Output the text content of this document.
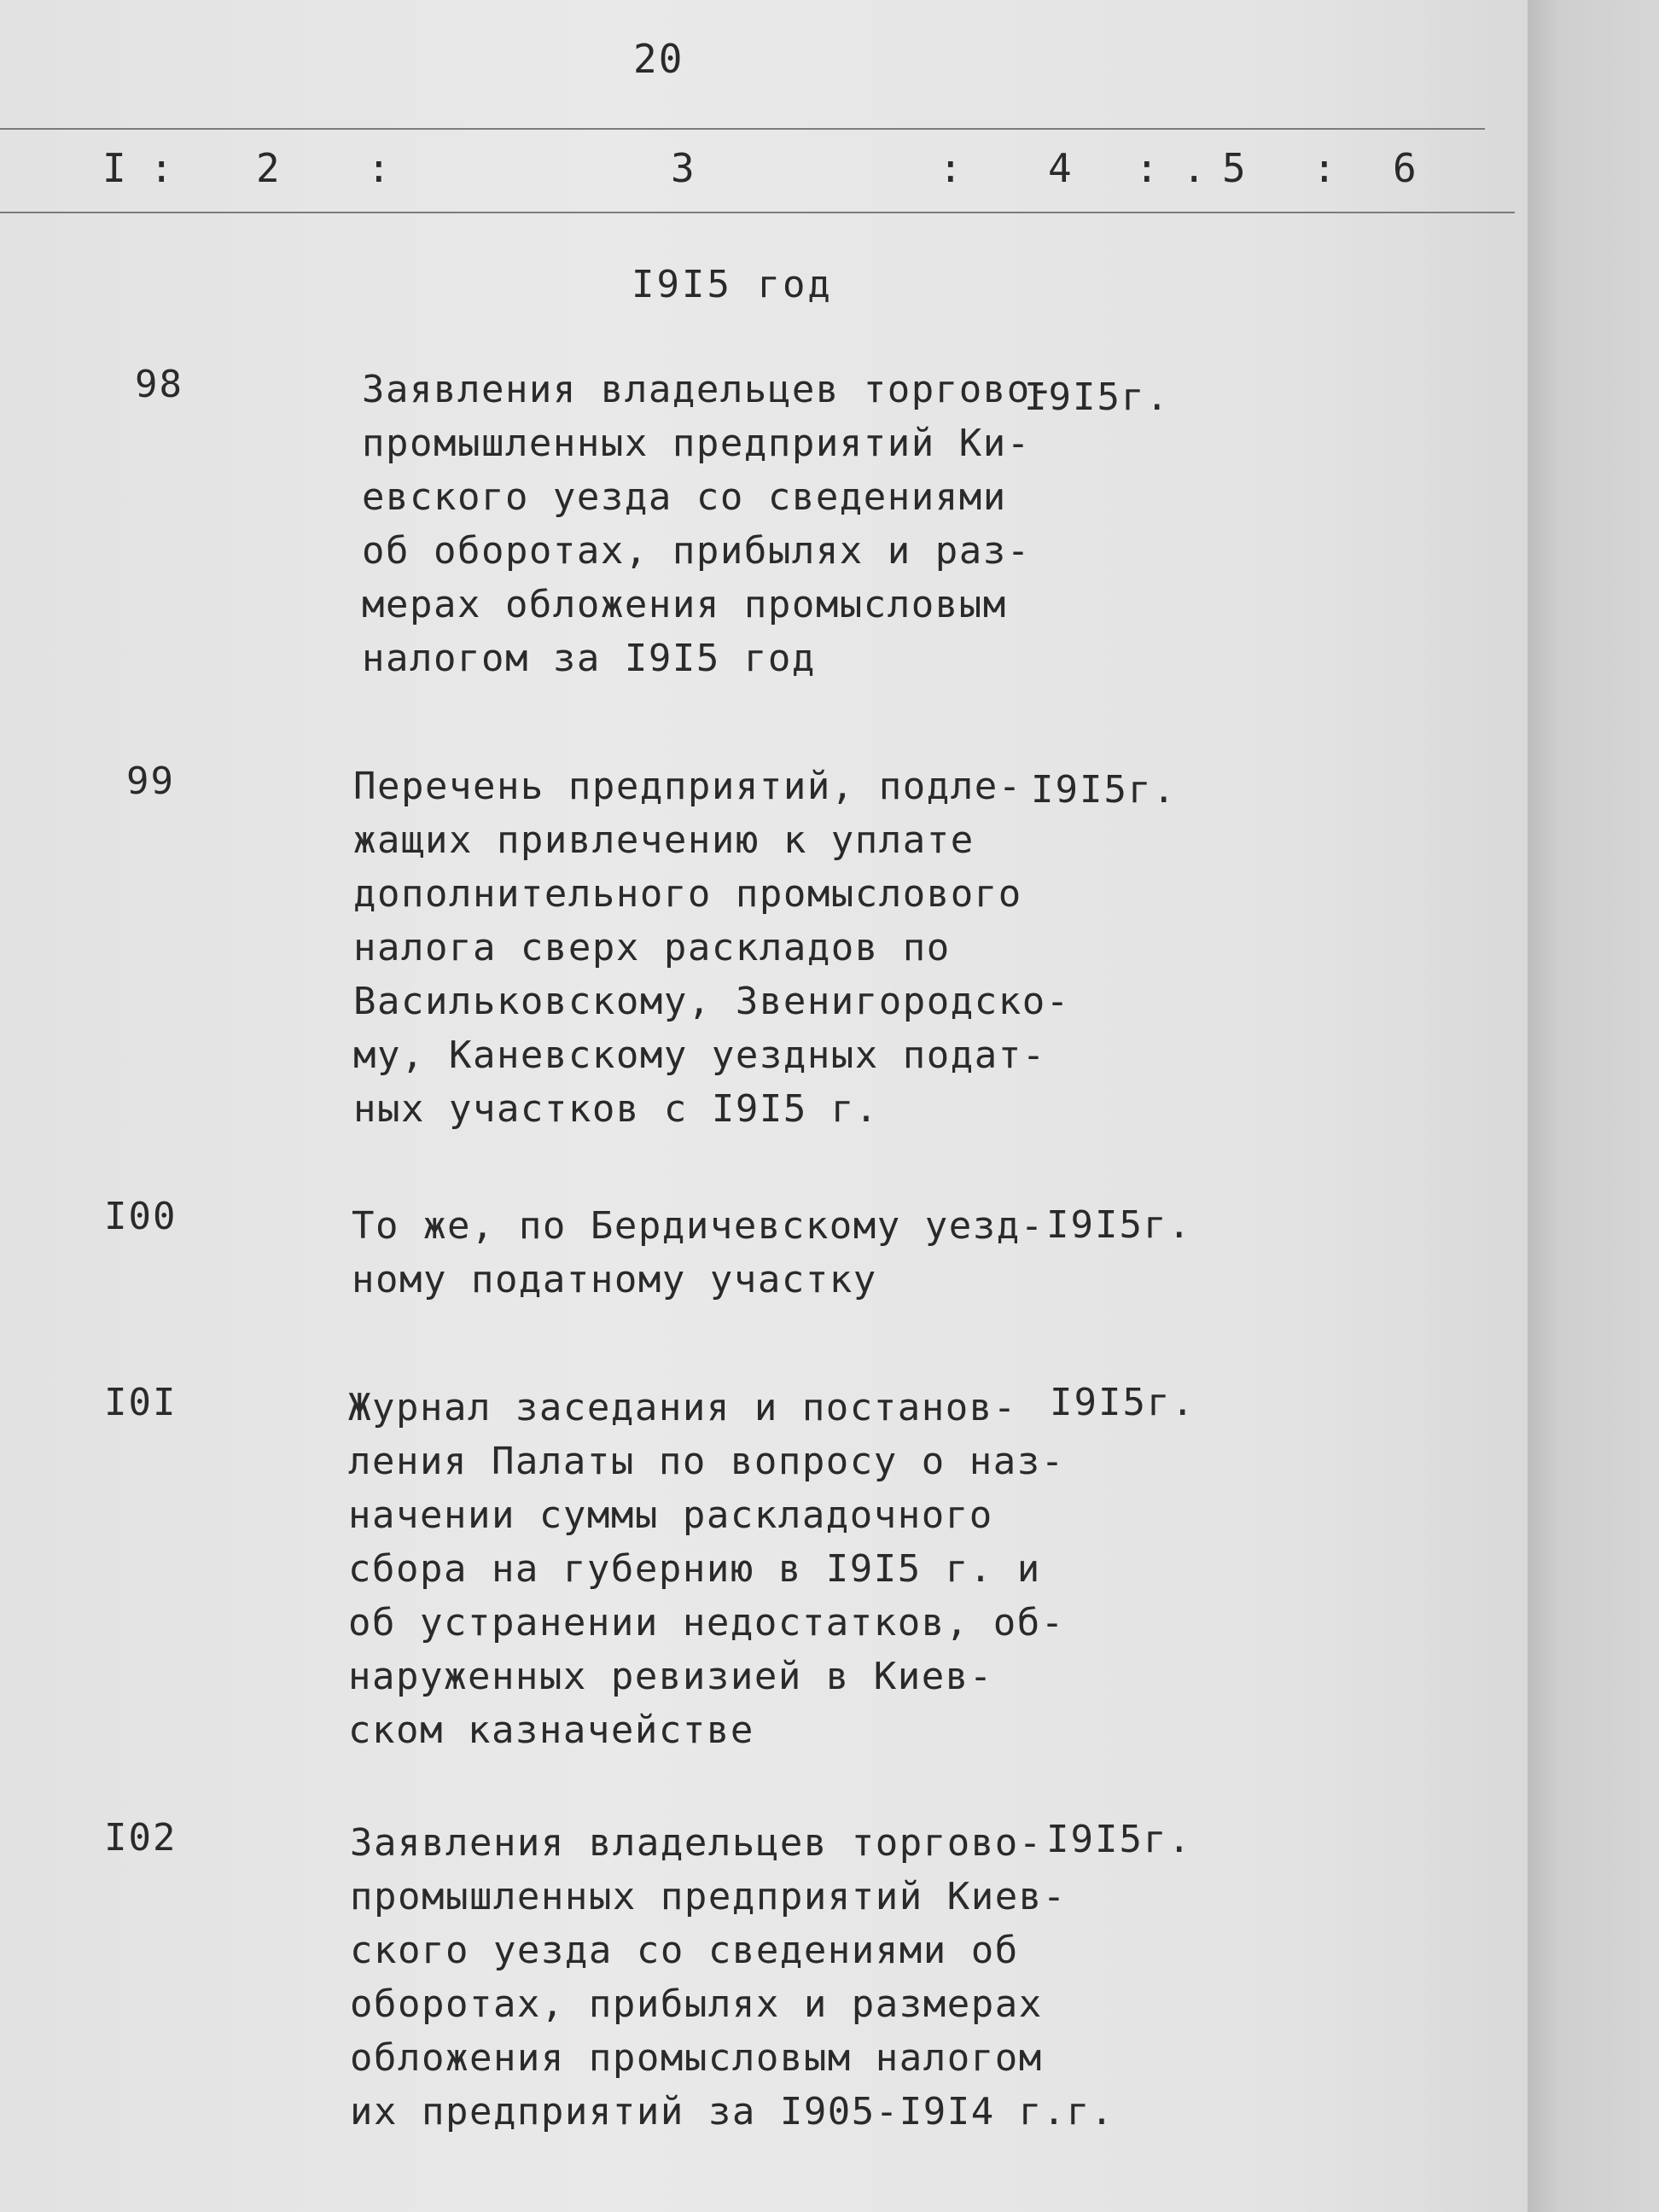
20
I : 2 :	3	: 4 : . 5 : 6
I9I5 год
98	Заявления владельцев торгово-
промышленных предприятий Ки-
евского уезда со сведениями
об оборотах, прибылях и раз-
мерах обложения промысловым
налогом за I9I5 год
I9I5г.
99	Перечень предприятий, подле-
жащих привлечению к уплате
дополнительного промыслового
налога сверх раскладов по
Васильковскому, Звенигородско-
му, Каневскому уездных подат-
ных участков с I9I5 г.
I9I5г.
I00	То же, по Бердичевскому уезд-
ному податному участку
I9I5г.
I0I	Журнал заседания и постанов-
ления Палаты по вопросу о наз-
начении суммы раскладочного
сбора на губернию в I9I5 г. и
об устранении недостатков, об-
наруженных ревизией в Киев-
ском казначействе
I9I5г.
I02	Заявления владельцев торгово-
промышленных предприятий Киев-
ского уезда со сведениями об
оборотах, прибылях и размерах
обложения промысловым налогом
их предприятий за I905-I9I4 г.г.
I9I5г.
